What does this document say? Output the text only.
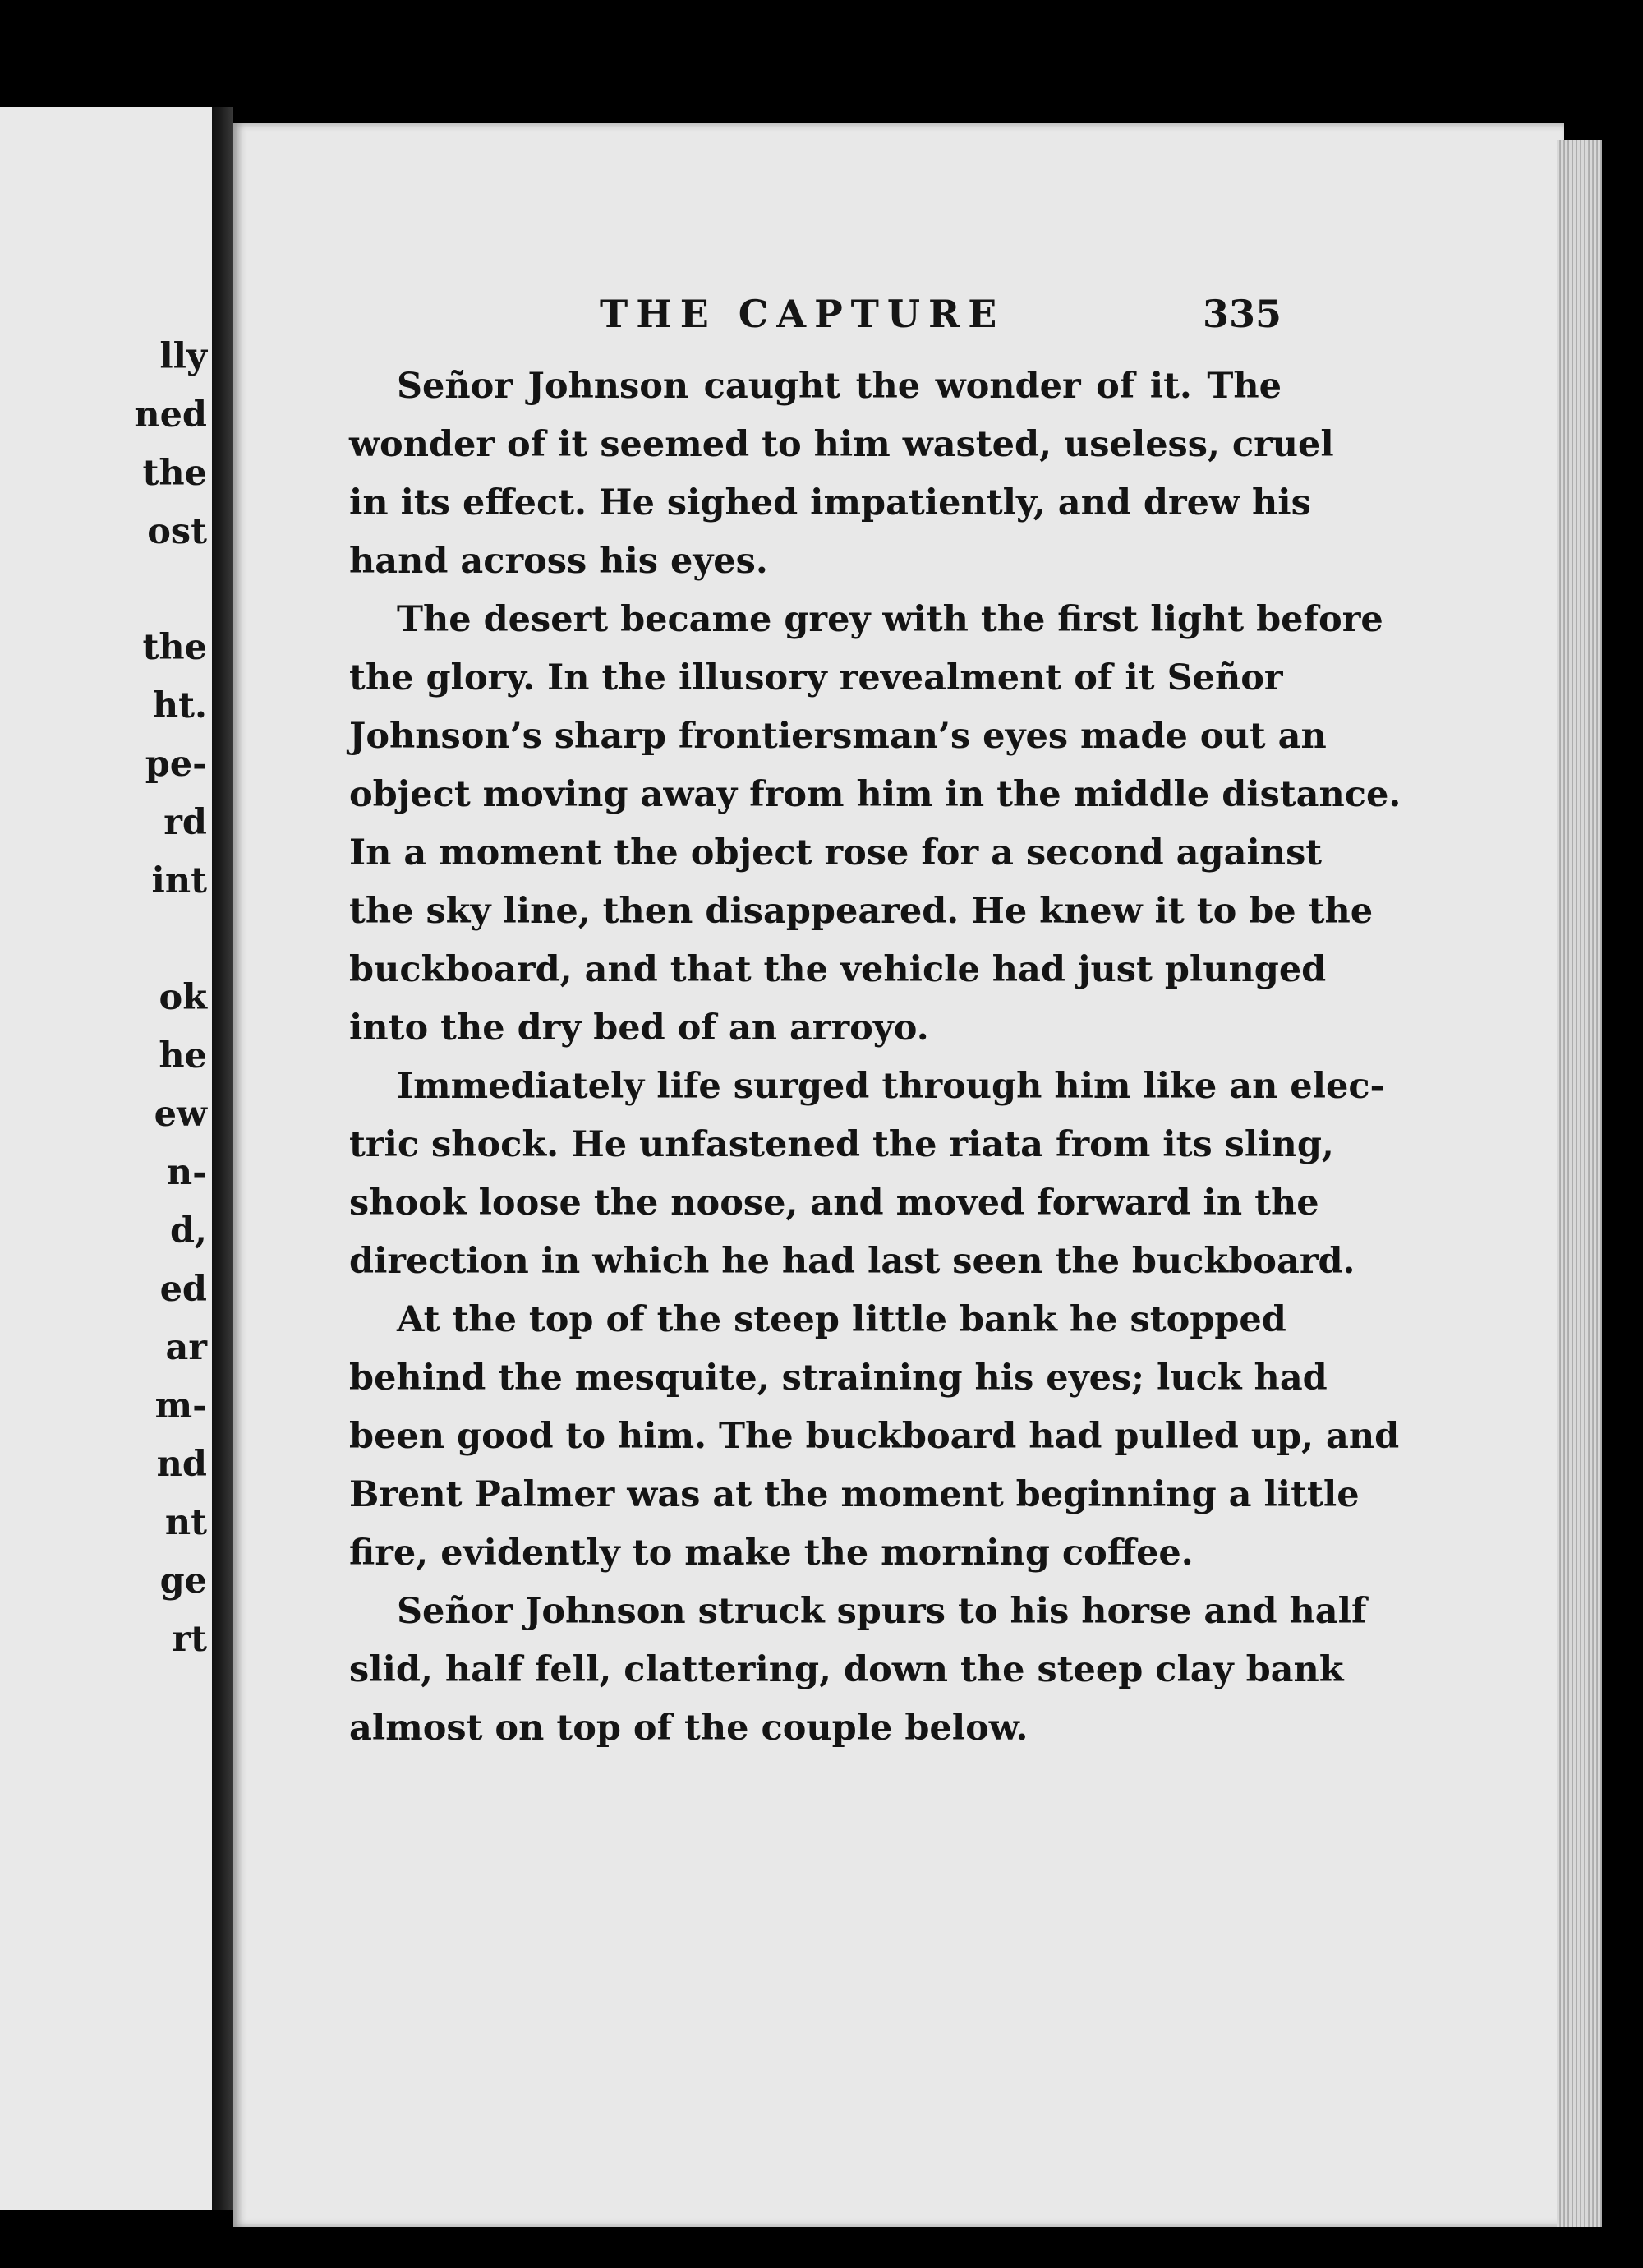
lly
ned
the
ost
the
ht.
pe-
rd
int
ok
he
ew
n-
d,
ed
ar
m-
nd
nt
ge
rt
THE CAPTURE	335
Señor Johnson caught the wonder of it. The
wonder of it seemed to him wasted, useless, cruel
in its effect. He sighed impatiently, and drew his
hand across his eyes.
The desert became grey with the first light before
the glory. In the illusory revealment of it Señor
Johnson’s sharp frontiersman’s eyes made out an
object moving away from him in the middle distance.
In a moment the object rose for a second against
the sky line, then disappeared. He knew it to be the
buckboard, and that the vehicle had just plunged
into the dry bed of an arroyo.
Immediately life surged through him like an elec-
tric shock. He unfastened the riata from its sling,
shook loose the noose, and moved forward in the
direction in which he had last seen the buckboard.
At the top of the steep little bank he stopped
behind the mesquite, straining his eyes; luck had
been good to him. The buckboard had pulled up, and
Brent Palmer was at the moment beginning a little
fire, evidently to make the morning coffee.
Señor Johnson struck spurs to his horse and half
slid, half fell, clattering, down the steep clay bank
almost on top of the couple below.
